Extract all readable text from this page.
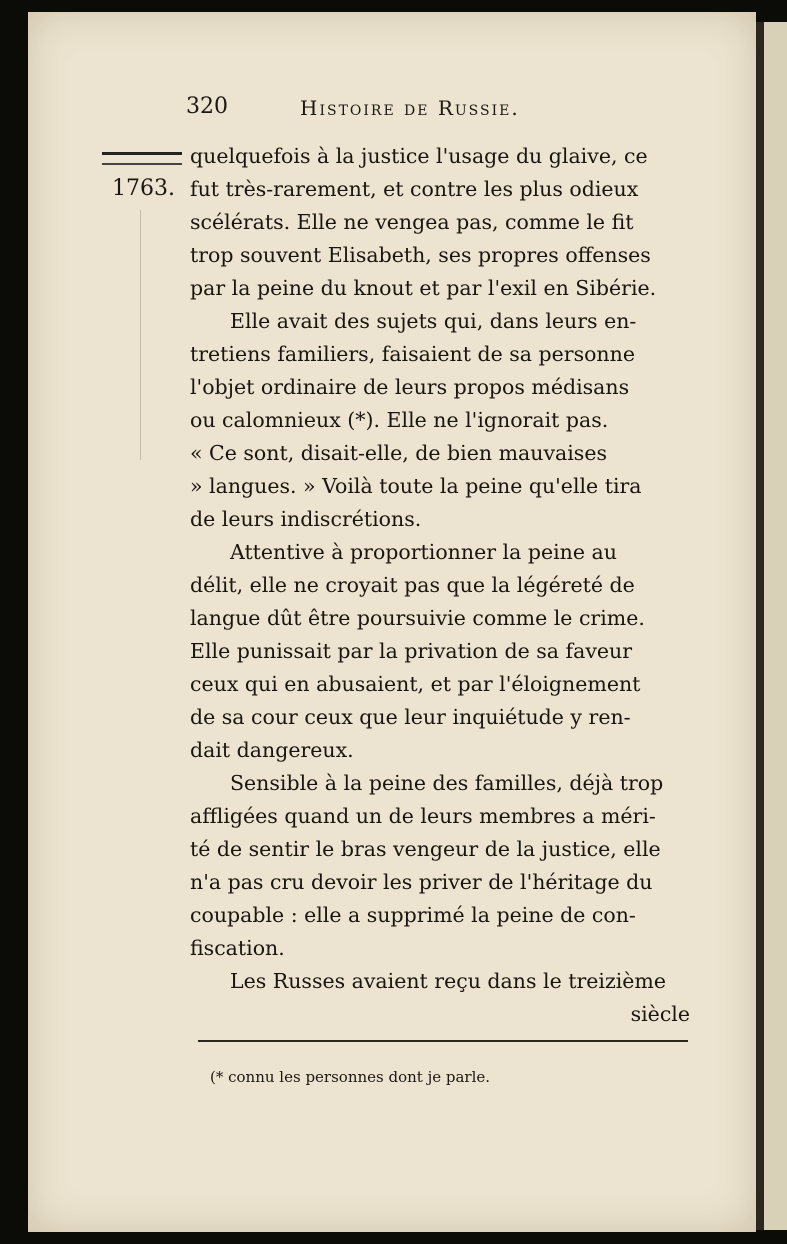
320	Histoire de Russie.
1763.
quelquefois à la justice l'usage du glaive, ce
fut très-rarement, et contre les plus odieux
scélérats. Elle ne vengea pas, comme le fit
trop souvent Elisabeth, ses propres offenses
par la peine du knout et par l'exil en Sibérie.
Elle avait des sujets qui, dans leurs en-
tretiens familiers, faisaient de sa personne
l'objet ordinaire de leurs propos médisans
ou calomnieux (*). Elle ne l'ignorait pas.
« Ce sont, disait-elle, de bien mauvaises
» langues. » Voilà toute la peine qu'elle tira
de leurs indiscrétions.
Attentive à proportionner la peine au
délit, elle ne croyait pas que la légéreté de
langue dût être poursuivie comme le crime.
Elle punissait par la privation de sa faveur
ceux qui en abusaient, et par l'éloignement
de sa cour ceux que leur inquiétude y ren-
dait dangereux.
Sensible à la peine des familles, déjà trop
affligées quand un de leurs membres a méri-
té de sentir le bras vengeur de la justice, elle
n'a pas cru devoir les priver de l'héritage du
coupable : elle a supprimé la peine de con-
fiscation.
Les Russes avaient reçu dans le treizième
siècle
(* connu les personnes dont je parle.
